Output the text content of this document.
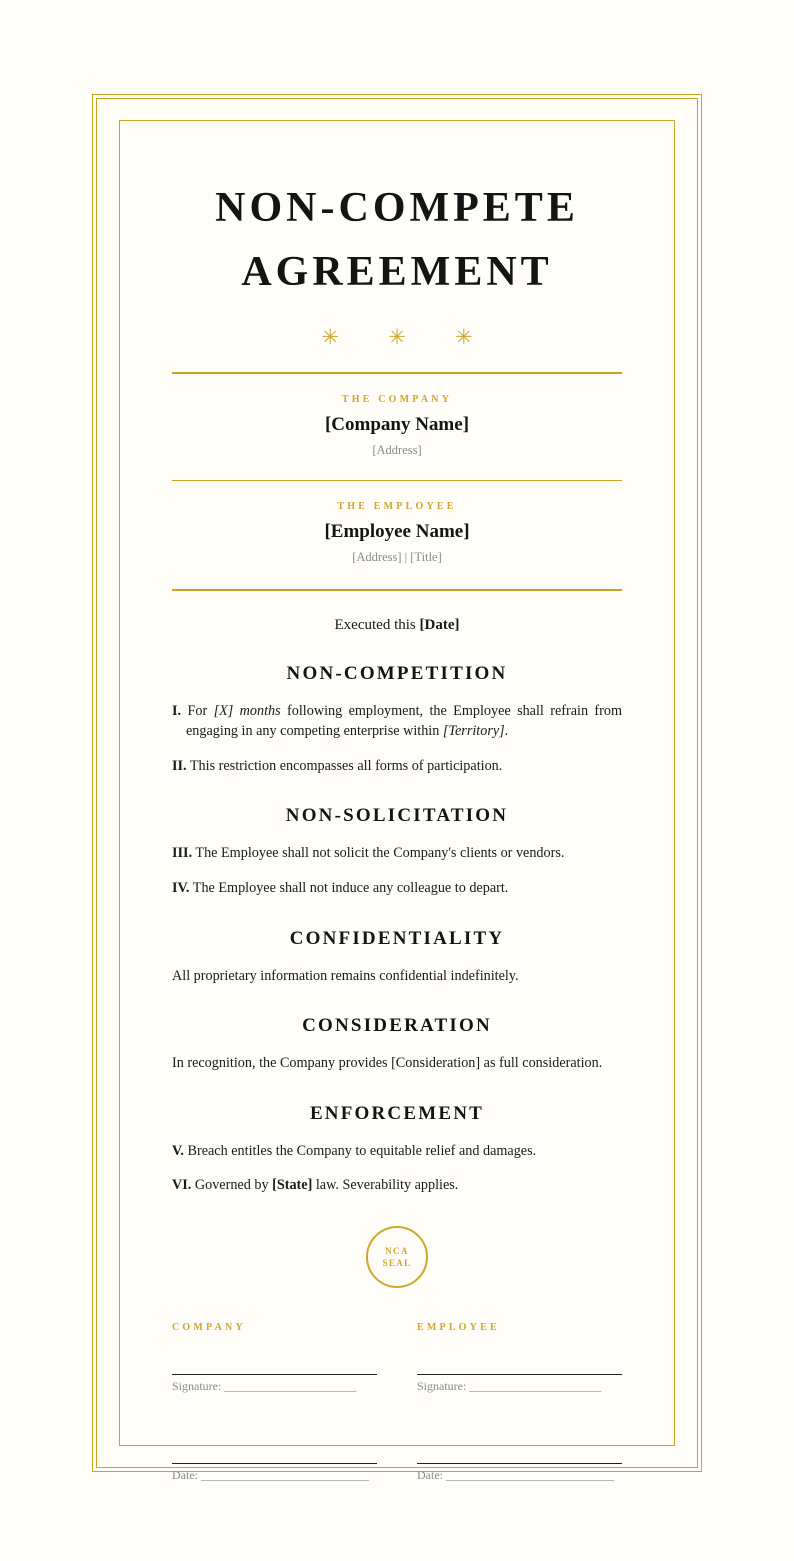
NON-COMPETE AGREEMENT
✳ ✳ ✳
THE COMPANY
[Company Name]
[Address]
THE EMPLOYEE
[Employee Name]
[Address] | [Title]
Executed this [Date]
NON-COMPETITION

I. For [X] months following employment, the Employee shall refrain from engaging in any competing enterprise within [Territory].

II. This restriction encompasses all forms of participation.

NON-SOLICITATION

III. The Employee shall not solicit the Company's clients or vendors.

IV. The Employee shall not induce any colleague to depart.

CONFIDENTIALITY

All proprietary information remains confidential indefinitely.

CONSIDERATION

In recognition, the Company provides [Consideration] as full consideration.

ENFORCEMENT

V. Breach entitles the Company to equitable relief and damages.

VI. Governed by [State] law. Severability applies.

NCA
SEAL
COMPANY
Signature: ______________________
Date: ____________________________
EMPLOYEE
Signature: ______________________
Date: ____________________________
